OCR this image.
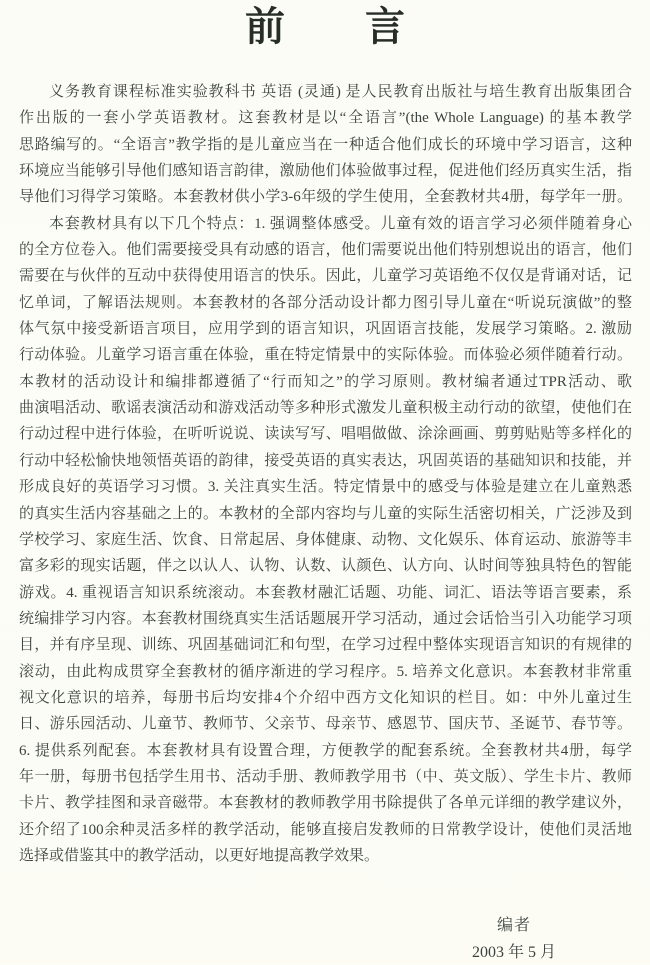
前　　言
义务教育课程标准实验教科书 英语 (灵通) 是人民教育出版社与培生教育出版集团合
作出版的一套小学英语教材。这套教材是以“全语言”(the Whole Language) 的基本教学
思路编写的。“全语言”教学指的是儿童应当在一种适合他们成长的环境中学习语言，这种
环境应当能够引导他们感知语言韵律，激励他们体验做事过程，促进他们经历真实生活，指
导他们习得学习策略。本套教材供小学3-6年级的学生使用，全套教材共4册，每学年一册。
本套教材具有以下几个特点：1. 强调整体感受。儿童有效的语言学习必须伴随着身心
的全方位卷入。他们需要接受具有动感的语言，他们需要说出他们特别想说出的语言，他们
需要在与伙伴的互动中获得使用语言的快乐。因此，儿童学习英语绝不仅仅是背诵对话，记
忆单词，了解语法规则。本套教材的各部分活动设计都力图引导儿童在“听说玩演做”的整
体气氛中接受新语言项目，应用学到的语言知识，巩固语言技能，发展学习策略。2. 激励
行动体验。儿童学习语言重在体验，重在特定情景中的实际体验。而体验必须伴随着行动。
本教材的活动设计和编排都遵循了“行而知之”的学习原则。教材编者通过TPR活动、歌
曲演唱活动、歌谣表演活动和游戏活动等多种形式激发儿童积极主动行动的欲望，使他们在
行动过程中进行体验，在听听说说、读读写写、唱唱做做、涂涂画画、剪剪贴贴等多样化的
行动中轻松愉快地领悟英语的韵律，接受英语的真实表达，巩固英语的基础知识和技能，并
形成良好的英语学习习惯。3. 关注真实生活。特定情景中的感受与体验是建立在儿童熟悉
的真实生活内容基础之上的。本教材的全部内容均与儿童的实际生活密切相关，广泛涉及到
学校学习、家庭生活、饮食、日常起居、身体健康、动物、文化娱乐、体育运动、旅游等丰
富多彩的现实话题，伴之以认人、认物、认数、认颜色、认方向、认时间等独具特色的智能
游戏。4. 重视语言知识系统滚动。本套教材融汇话题、功能、词汇、语法等语言要素，系
统编排学习内容。本套教材围绕真实生活话题展开学习活动，通过会话恰当引入功能学习项
目，并有序呈现、训练、巩固基础词汇和句型，在学习过程中整体实现语言知识的有规律的
滚动，由此构成贯穿全套教材的循序渐进的学习程序。5. 培养文化意识。本套教材非常重
视文化意识的培养，每册书后均安排4个介绍中西方文化知识的栏目。如：中外儿童过生
日、游乐园活动、儿童节、教师节、父亲节、母亲节、感恩节、国庆节、圣诞节、春节等。
6. 提供系列配套。本套教材具有设置合理，方便教学的配套系统。全套教材共4册，每学
年一册，每册书包括学生用书、活动手册、教师教学用书（中、英文版）、学生卡片、教师
卡片、教学挂图和录音磁带。本套教材的教师教学用书除提供了各单元详细的教学建议外，
还介绍了100余种灵活多样的教学活动，能够直接启发教师的日常教学设计，使他们灵活地
选择或借鉴其中的教学活动，以更好地提高教学效果。
编者
2003 年 5 月
